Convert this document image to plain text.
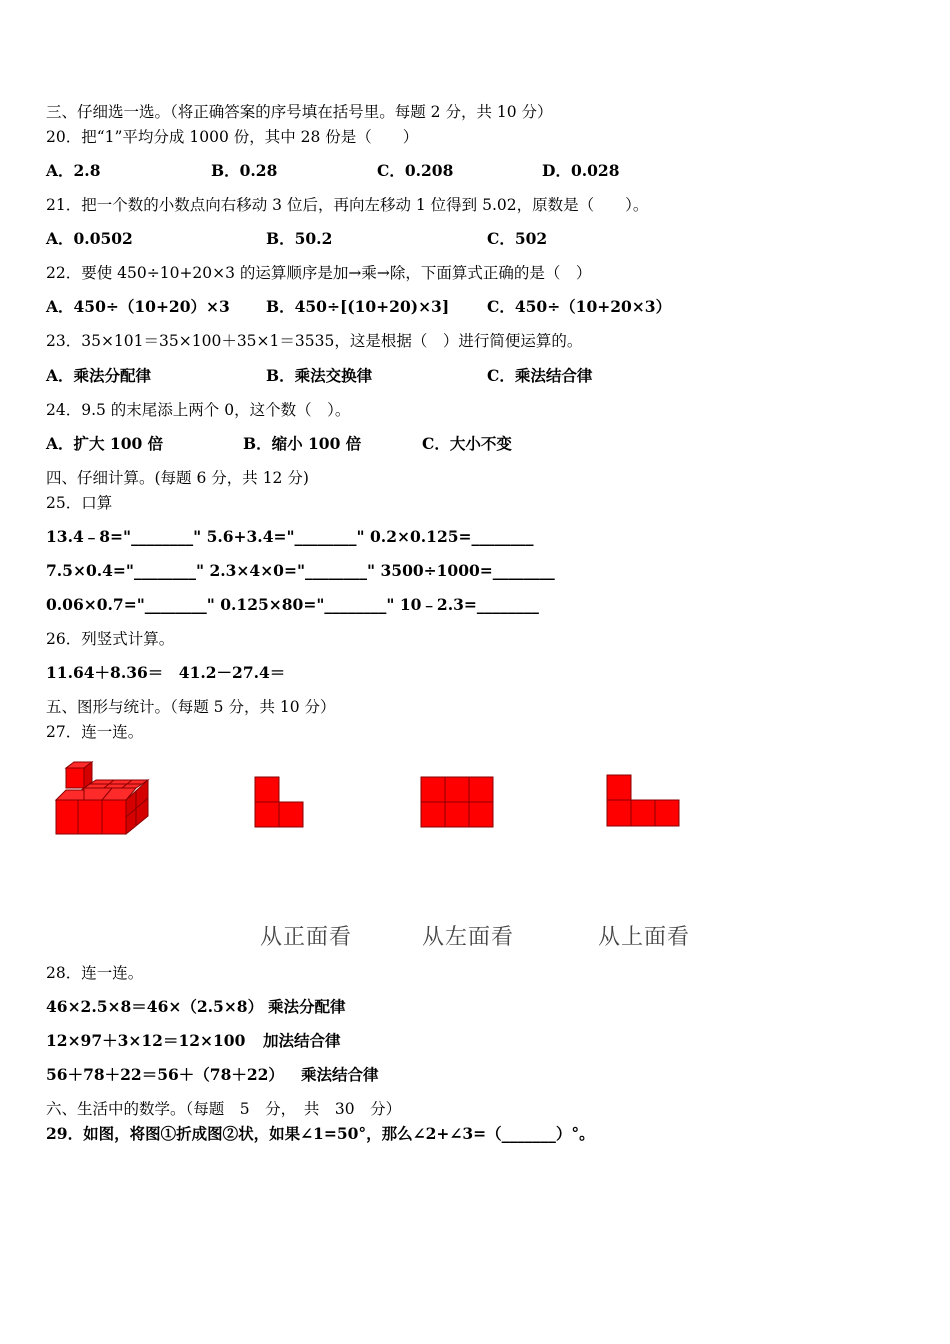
三、仔细选一选。（将正确答案的序号填在括号里。每题 2 分，共 10 分）
20．把“1”平均分成 1000 份，其中 28 份是（　　）
A．2.8	B．0.28	C．0.208	D．0.028
21．把一个数的小数点向右移动 3 位后，再向左移动 1 位得到 5.02，原数是（　　）。
A．0.0502	B．50.2	C．502
22．要使 450÷10+20×3 的运算顺序是加→乘→除，下面算式正确的是（　）
A．450÷（10+20）×3 B．450÷[(10+20)×3] C．450÷（10+20×3）
23．35×101＝35×100＋35×1＝3535，这是根据（　）进行简便运算的。
A．乘法分配律	B．乘法交换律	C．乘法结合律
24．9.5 的末尾添上两个 0，这个数（　）。
A．扩大 100 倍	B．缩小 100 倍	C．大小不变
四、仔细计算。(每题 6 分，共 12 分)
25．口算
13.4﹣8="________" 5.6+3.4="________" 0.2×0.125=________
7.5×0.4="________" 2.3×4×0="________" 3500÷1000=________
0.06×0.7="________" 0.125×80="________" 10﹣2.3=________
26．列竖式计算。
11.64＋8.36＝　41.2－27.4＝
五、图形与统计。（每题 5 分，共 10 分）
27．连一连。
从正面看	从左面看	从上面看
28．连一连。
46×2.5×8＝46×（2.5×8） 乘法分配律
12×97＋3×12＝12×100 加法结合律
56＋78＋22＝56＋（78＋22） 乘法结合律
六、生活中的数学。（每题　5　分，　共　30　分）
29．如图，将图①折成图②状，如果∠1=50°，那么∠2+∠3=（_______）°。
